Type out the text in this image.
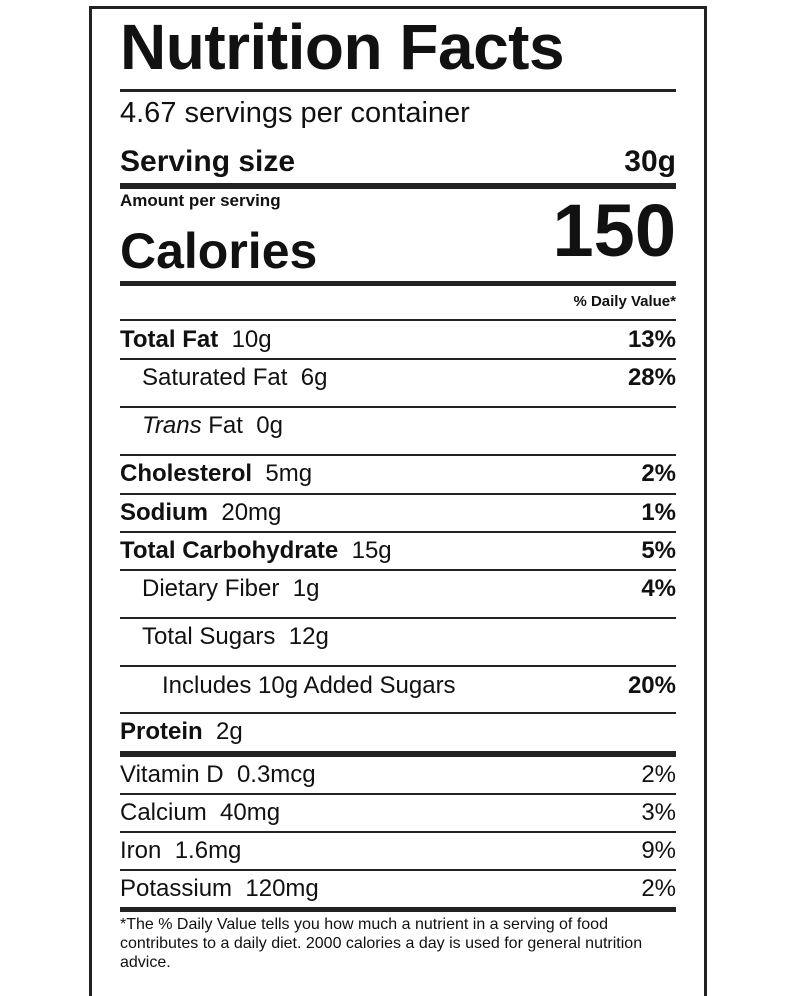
Nutrition Facts
4.67 servings per container
Serving size	30g
Amount per serving
Calories	150
% Daily Value*
Total Fat 10g	13%
Saturated Fat 6g	28%
Trans Fat 0g
Cholesterol 5mg	2%
Sodium 20mg	1%
Total Carbohydrate 15g	5%
Dietary Fiber 1g	4%
Total Sugars 12g
Includes 10g Added Sugars	20%
Protein 2g
Vitamin D 0.3mcg	2%
Calcium 40mg	3%
Iron 1.6mg	9%
Potassium 120mg	2%
*The % Daily Value tells you how much a nutrient in a serving of food contributes to a daily diet. 2000 calories a day is used for general nutrition advice.
